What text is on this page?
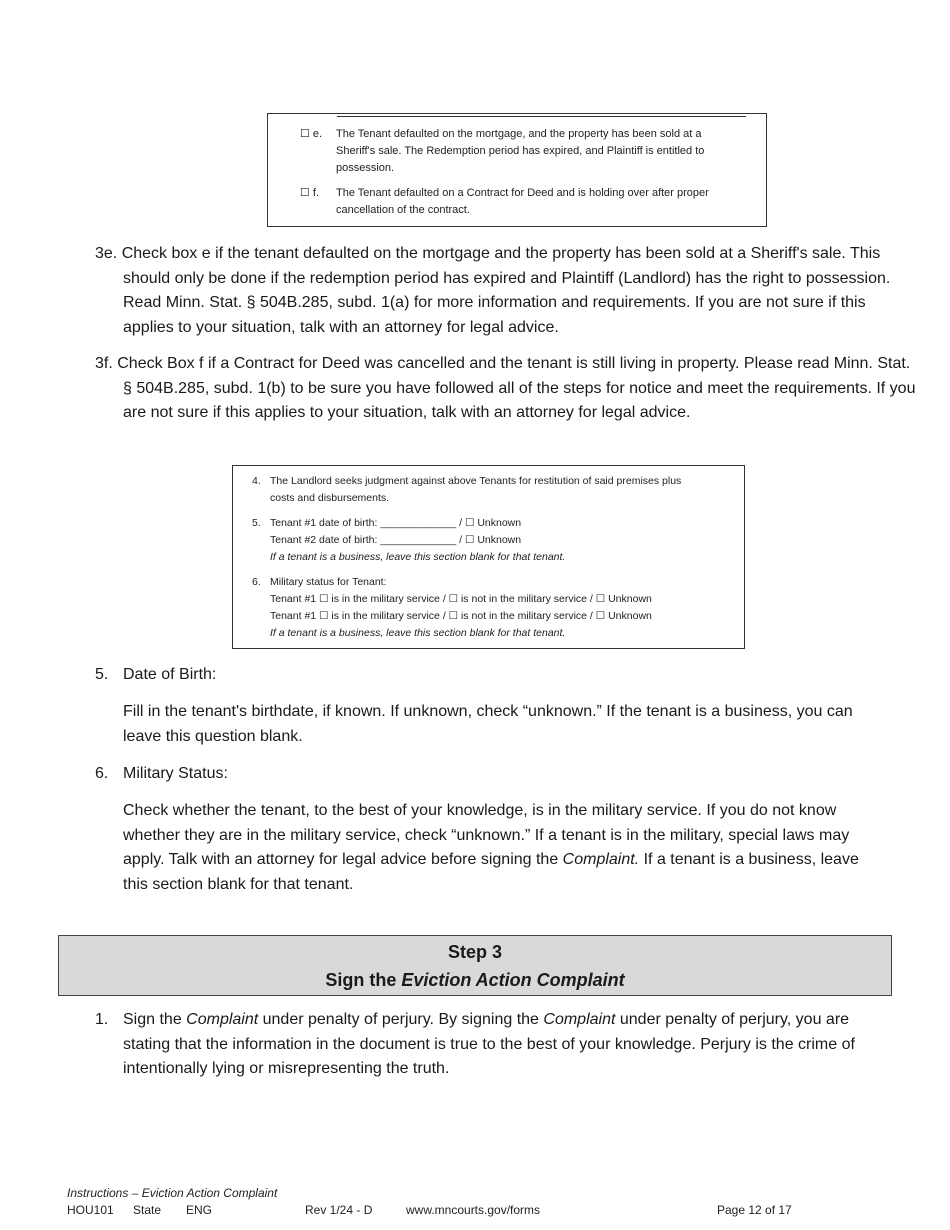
☐ e.	The Tenant defaulted on the mortgage, and the property has been sold at a Sheriff's sale. The Redemption period has expired, and Plaintiff is entitled to possession.
☐ f.	The Tenant defaulted on a Contract for Deed and is holding over after proper cancellation of the contract.
3e. Check box e if the tenant defaulted on the mortgage and the property has been sold at a Sheriff's sale. This should only be done if the redemption period has expired and Plaintiff (Landlord) has the right to possession. Read Minn. Stat. § 504B.285, subd. 1(a) for more information and requirements. If you are not sure if this applies to your situation, talk with an attorney for legal advice.
3f. Check Box f if a Contract for Deed was cancelled and the tenant is still living in property. Please read Minn. Stat. § 504B.285, subd. 1(b) to be sure you have followed all of the steps for notice and meet the requirements. If you are not sure if this applies to your situation, talk with an attorney for legal advice.
4. The Landlord seeks judgment against above Tenants for restitution of said premises plus
costs and disbursements.
5. Tenant #1 date of birth: _____________ / ☐ Unknown
Tenant #2 date of birth: _____________ / ☐ Unknown
If a tenant is a business, leave this section blank for that tenant.
6. Military status for Tenant:
Tenant #1 ☐ is in the military service / ☐ is not in the military service / ☐ Unknown
Tenant #1 ☐ is in the military service / ☐ is not in the military service / ☐ Unknown
If a tenant is a business, leave this section blank for that tenant.
5. Date of Birth:
Fill in the tenant's birthdate, if known. If unknown, check “unknown.” If the tenant is a business, you can leave this question blank.
6. Military Status:
Check whether the tenant, to the best of your knowledge, is in the military service. If you do not know whether they are in the military service, check “unknown.” If a tenant is in the military, special laws may apply. Talk with an attorney for legal advice before signing the Complaint. If a tenant is a business, leave this section blank for that tenant.
Step 3
Sign the Eviction Action Complaint
1. Sign the Complaint under penalty of perjury. By signing the Complaint under penalty of perjury, you are stating that the information in the document is true to the best of your knowledge. Perjury is the crime of intentionally lying or misrepresenting the truth.
Instructions – Eviction Action Complaint
HOU101 State ENG	Rev 1/24 - D	www.mncourts.gov/forms	Page 12 of 17
